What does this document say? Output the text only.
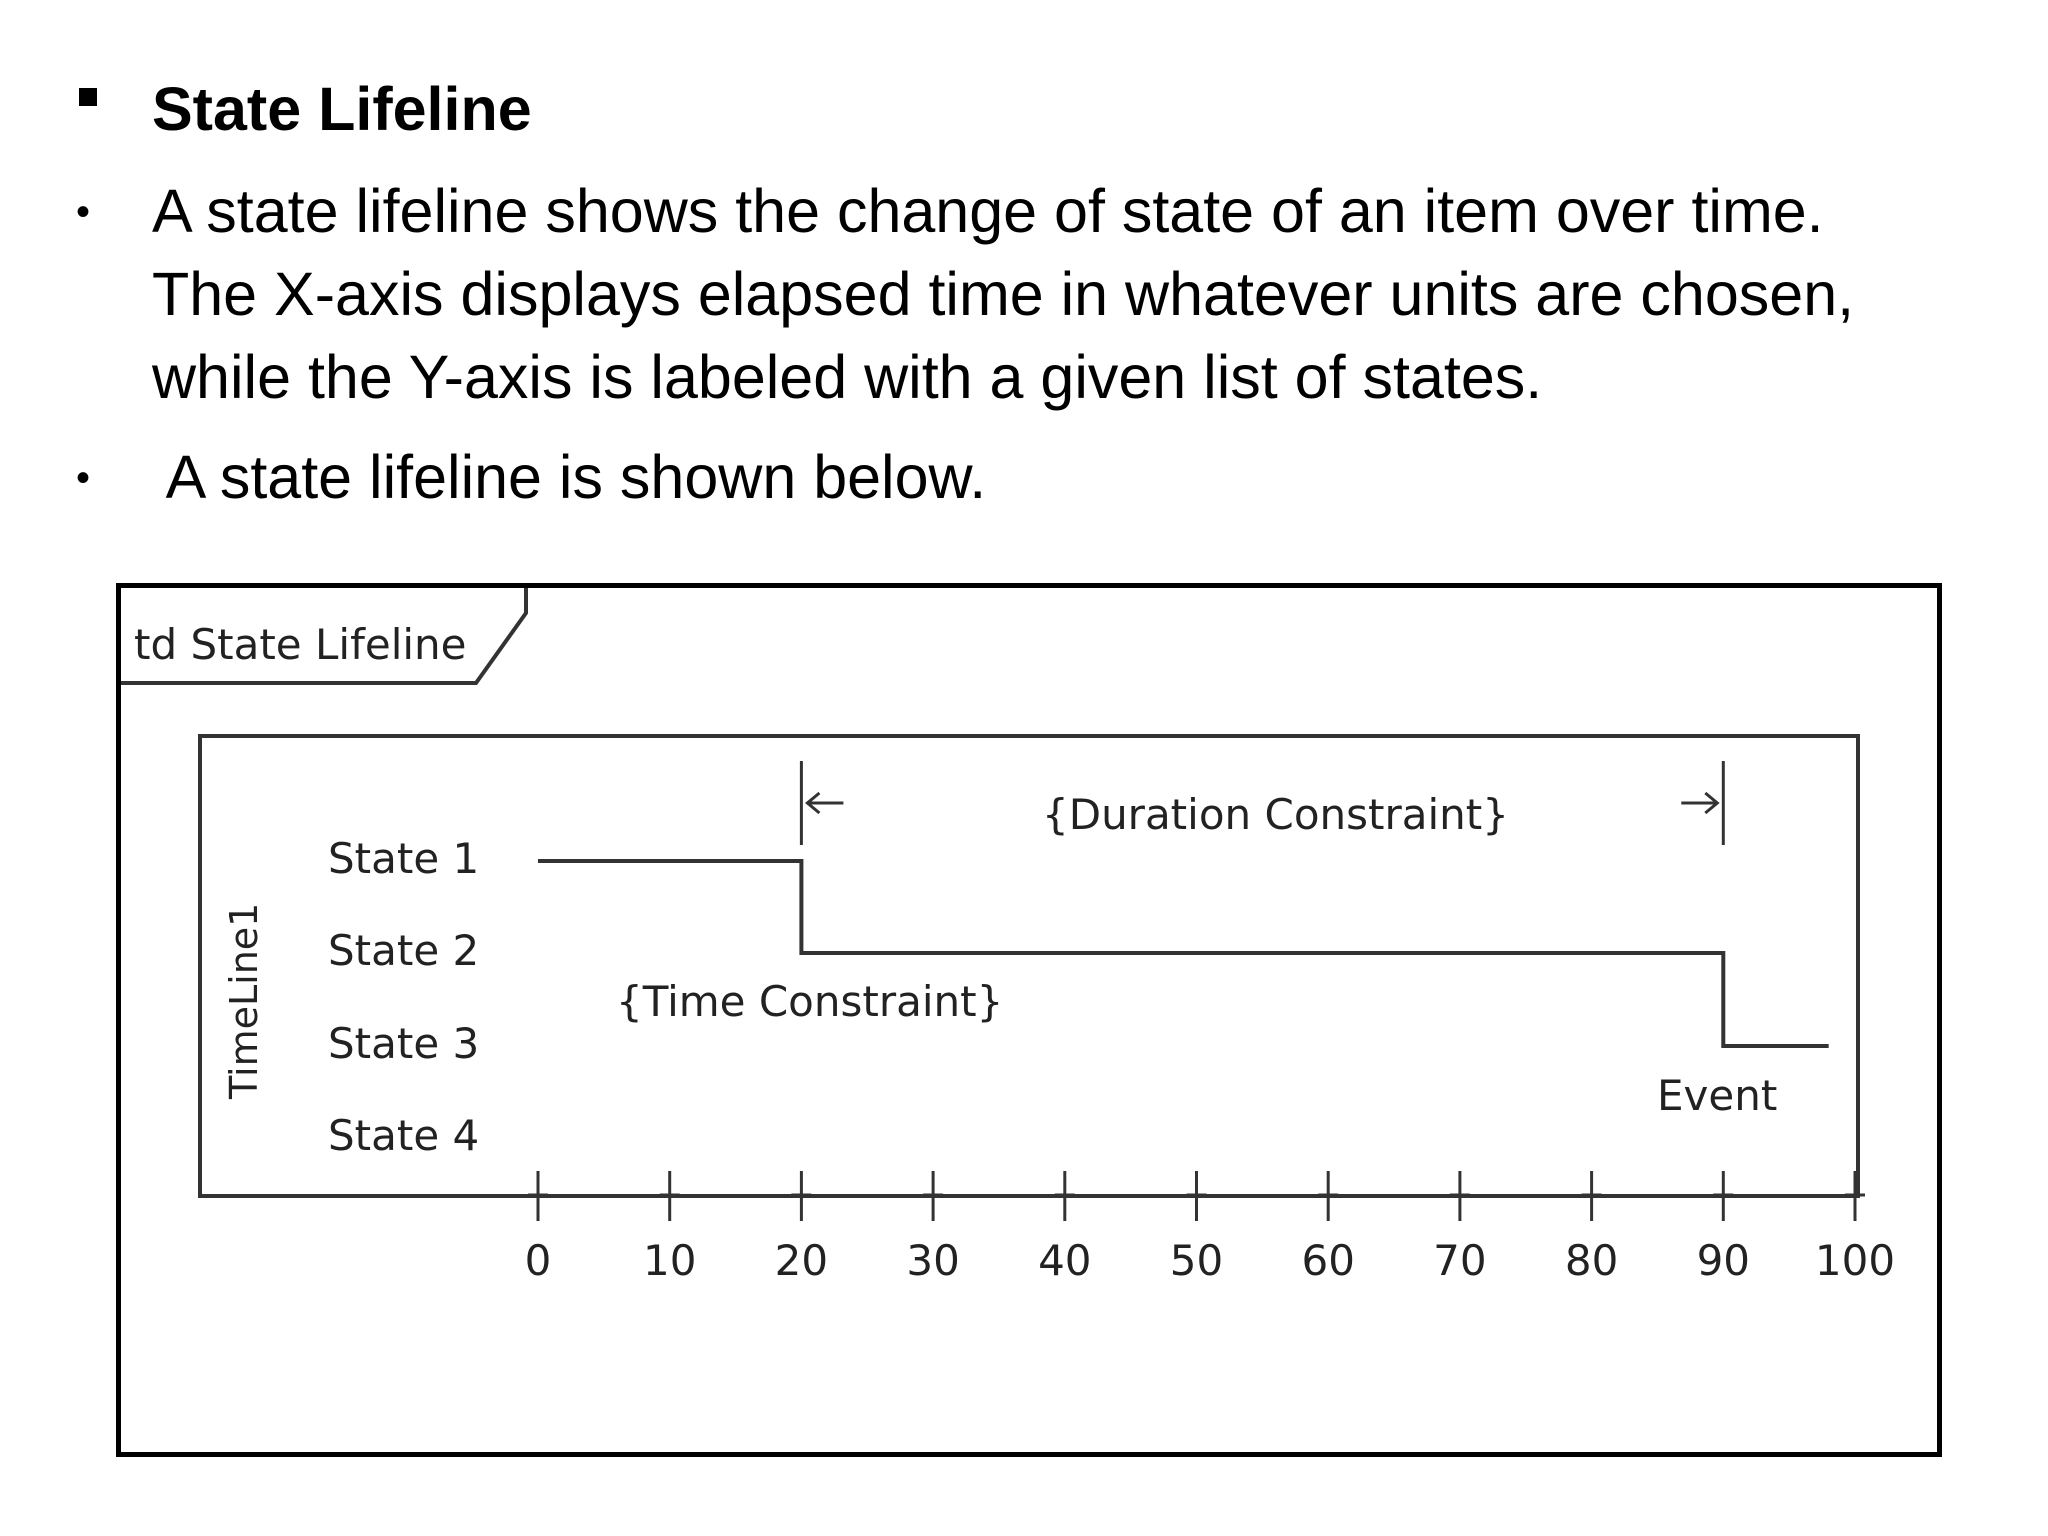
State Lifeline
• A state lifeline shows the change of state of an item over time.
The X-axis displays elapsed time in whatever units are chosen,
while the Y-axis is labeled with a given list of states.
• A state lifeline is shown below.
td State Lifeline
TimeLine1
State 1
State 2
State 3
State 4
{Duration Constraint}
{Time Constraint}
Event
0 10 20 30 40 50 60 70 80 90 100
